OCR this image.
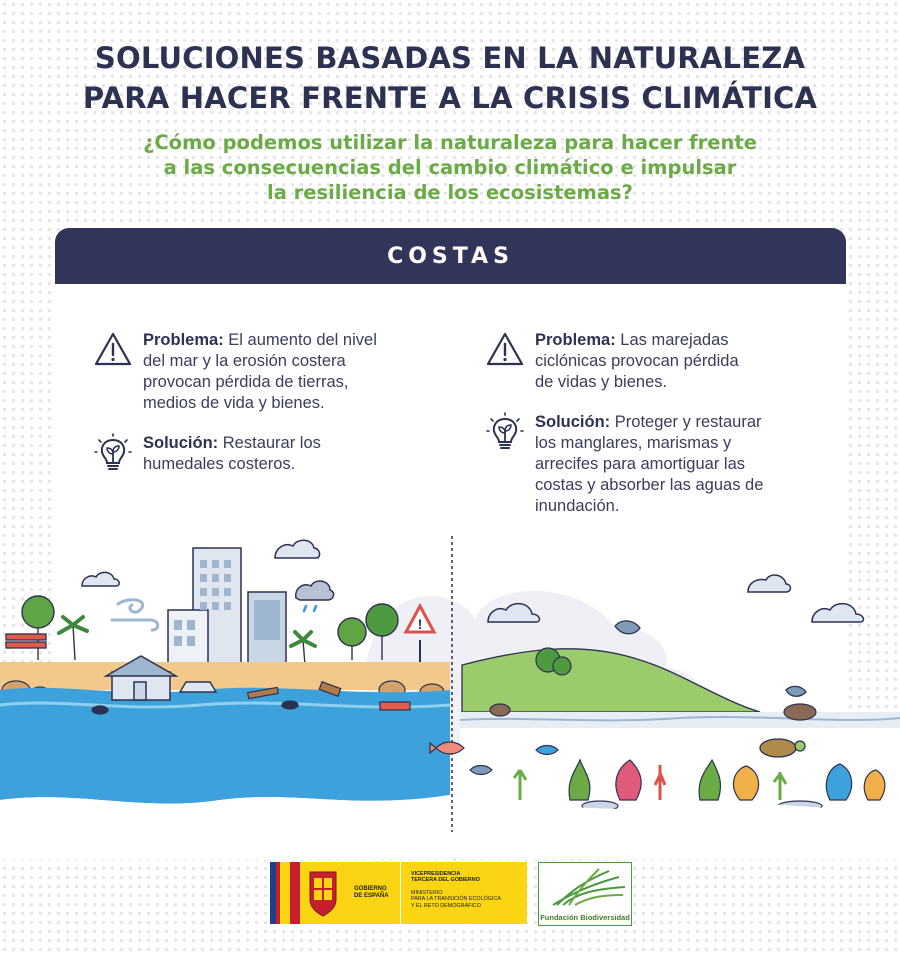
SOLUCIONES BASADAS EN LA NATURALEZA
PARA HACER FRENTE A LA CRISIS CLIMÁTICA
¿Cómo podemos utilizar la naturaleza para hacer frente
a las consecuencias del cambio climático e impulsar
la resiliencia de los ecosistemas?
COSTAS
Problema: El aumento del nivel
del mar y la erosión costera
provocan pérdida de tierras,
medios de vida y bienes.
Solución: Restaurar los
humedales costeros.
Problema: Las marejadas
ciclónicas provocan pérdida
de vidas y bienes.
Solución: Proteger y restaurar
los manglares, marismas y
arrecifes para amortiguar las
costas y absorber las aguas de
inundación.
!
GOBIERNO
DE ESPAÑA
VICEPRESIDENCIA
TERCERA DEL GOBIERNO
MINISTERIO
PARA LA TRANSICIÓN ECOLÓGICA
Y EL RETO DEMOGRÁFICO
Fundación Biodiversidad
